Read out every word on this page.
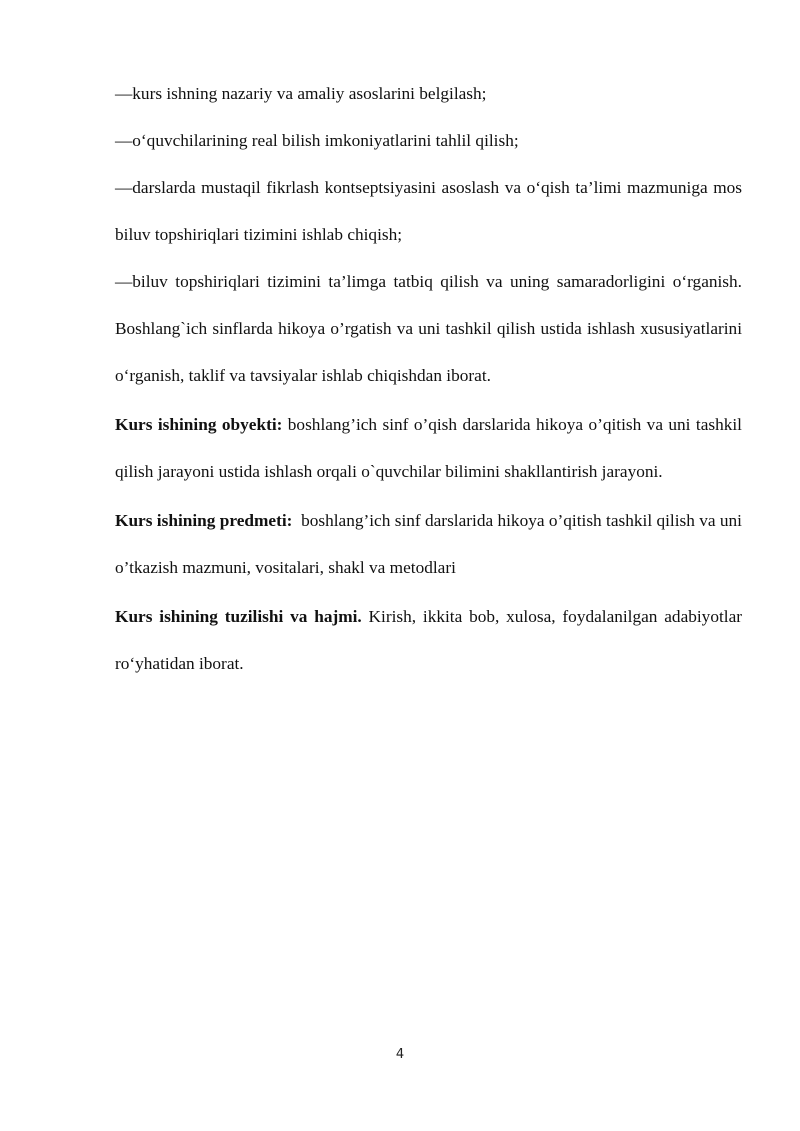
—kurs ishning nazariy va amaliy asoslarini belgilash;

—o‘quvchilarining real bilish imkoniyatlarini tahlil qilish;

—darslarda mustaqil fikrlash kontseptsiyasini asoslash va o‘qish ta’limi mazmuniga mos biluv topshiriqlari tizimini ishlab chiqish;

—biluv topshiriqlari tizimini ta’limga tatbiq qilish va uning samaradorligini o‘rganish. Boshlang`ich sinflarda hikoya o’rgatish va uni tashkil qilish ustida ishlash xususiyatlarini o‘rganish, taklif va tavsiyalar ishlab chiqishdan iborat.

Kurs ishining obyekti: boshlang’ich sinf o’qish darslarida hikoya o’qitish va uni tashkil qilish jarayoni ustida ishlash orqali o`quvchilar bilimini shakllantirish jarayoni.

Kurs ishining predmeti:  boshlang’ich sinf darslarida hikoya o’qitish tashkil qilish va uni o’tkazish mazmuni, vositalari, shakl va metodlari

Kurs ishining tuzilishi va hajmi. Kirish, ikkita bob, xulosa, foydalanilgan adabiyotlar ro‘yhatidan iborat.

4
